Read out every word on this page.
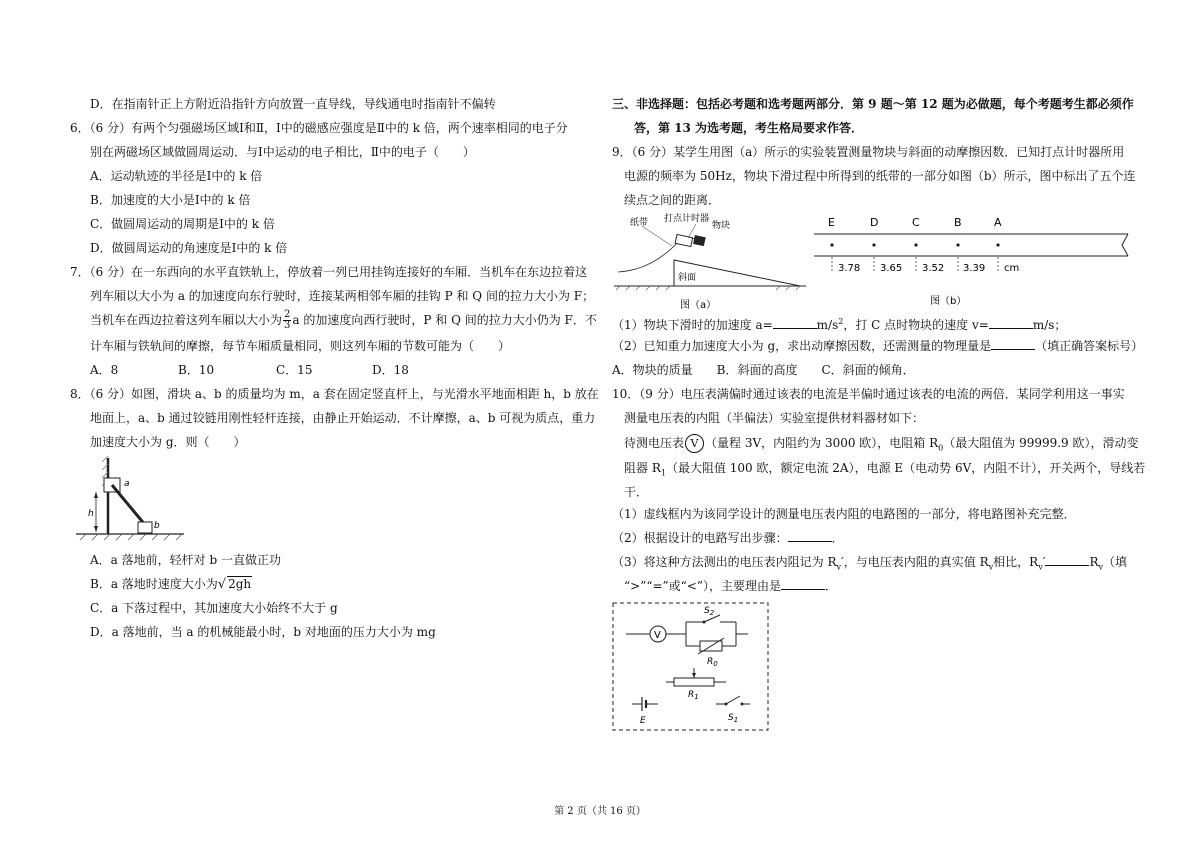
D．在指南针正上方附近沿指针方向放置一直导线，导线通电时指南针不偏转
6．（6 分）有两个匀强磁场区域Ⅰ和Ⅱ，Ⅰ中的磁感应强度是Ⅱ中的 k 倍，两个速率相同的电子分
别在两磁场区域做圆周运动．与Ⅰ中运动的电子相比，Ⅱ中的电子（　　）
A．运动轨迹的半径是Ⅰ中的 k 倍
B．加速度的大小是Ⅰ中的 k 倍
C．做圆周运动的周期是Ⅰ中的 k 倍
D．做圆周运动的角速度是Ⅰ中的 k 倍
7．（6 分）在一东西向的水平直铁轨上，停放着一列已用挂钩连接好的车厢．当机车在东边拉着这
列车厢以大小为 a 的加速度向东行驶时，连接某两相邻车厢的挂钩 P 和 Q 间的拉力大小为 F；
当机车在西边拉着这列车厢以大小为 $\frac{2}{3}$ a 的加速度向西行驶时，P 和 Q 间的拉力大小仍为 F．不
计车厢与铁轨间的摩擦，每节车厢质量相同，则这列车厢的节数可能为（　　）
A．8	B．10	C．15	D．18
8．（6 分）如图，滑块 a、b 的质量均为 m，a 套在固定竖直杆上，与光滑水平地面相距 h，b 放在
地面上，a、b 通过铰链用刚性轻杆连接，由静止开始运动．不计摩擦，a、b 可视为质点，重力
加速度大小为 g．则（　　）
a
b
h
A．a 落地前，轻杆对 b 一直做正功
B．a 落地时速度大小为√ 2gh
C．a 下落过程中，其加速度大小始终不大于 g
D．a 落地前，当 a 的机械能最小时，b 对地面的压力大小为 mg
三、非选择题：包括必考题和选考题两部分．第 9 题～第 12 题为必做题，每个考题考生都必须作
答，第 13 为选考题，考生格局要求作答．
9．（6 分）某学生用图（a）所示的实验装置测量物块与斜面的动摩擦因数．已知打点计时器所用
电源的频率为 50Hz，物块下滑过程中所得到的纸带的一部分如图（b）所示，图中标出了五个连
续点之间的距离．
纸带 打点计时器
物块
斜面
图（a）
E	D	C	B	A
3.78 3.65 3.52 3.39 cm
图（b）
（1）物块下滑时的加速度 a=	$m/s^2$，打 C 点时物块的速度 v=	m/s；
（2）已知重力加速度大小为 g，求出动摩擦因数，还需测量的物理量是	（填正确答案标号）
A．物块的质量　　B．斜面的高度　　C．斜面的倾角．
10．（9 分）电压表满偏时通过该表的电流是半偏时通过该表的电流的两倍．某同学利用这一事实
测量电压表的内阻（半偏法）实验室提供材料器材如下：
待测电压表 V （量程 3V，内阻约为 3000 欧），电阻箱 $R_0$（最大阻值为 99999.9 欧），滑动变
阻器 $R_1$（最大阻值 100 欧，额定电流 2A），电源 E（电动势 6V，内阻不计），开关两个，导线若
干．
（1）虚线框内为该同学设计的测量电压表内阻的电路图的一部分，将电路图补充完整．
（2）根据设计的电路写出步骤：	．
（3）将这种方法测出的电压表内阻记为 $R_v'$，与电压表内阻的真实值 $R_v$相比，$R_v'$	$R_v$（填
“>”“=”或“<”），主要理由是	．
V
$S_2$
$R_0$
$R_1$
E	$S_1$
第 2 页（共 16 页）
